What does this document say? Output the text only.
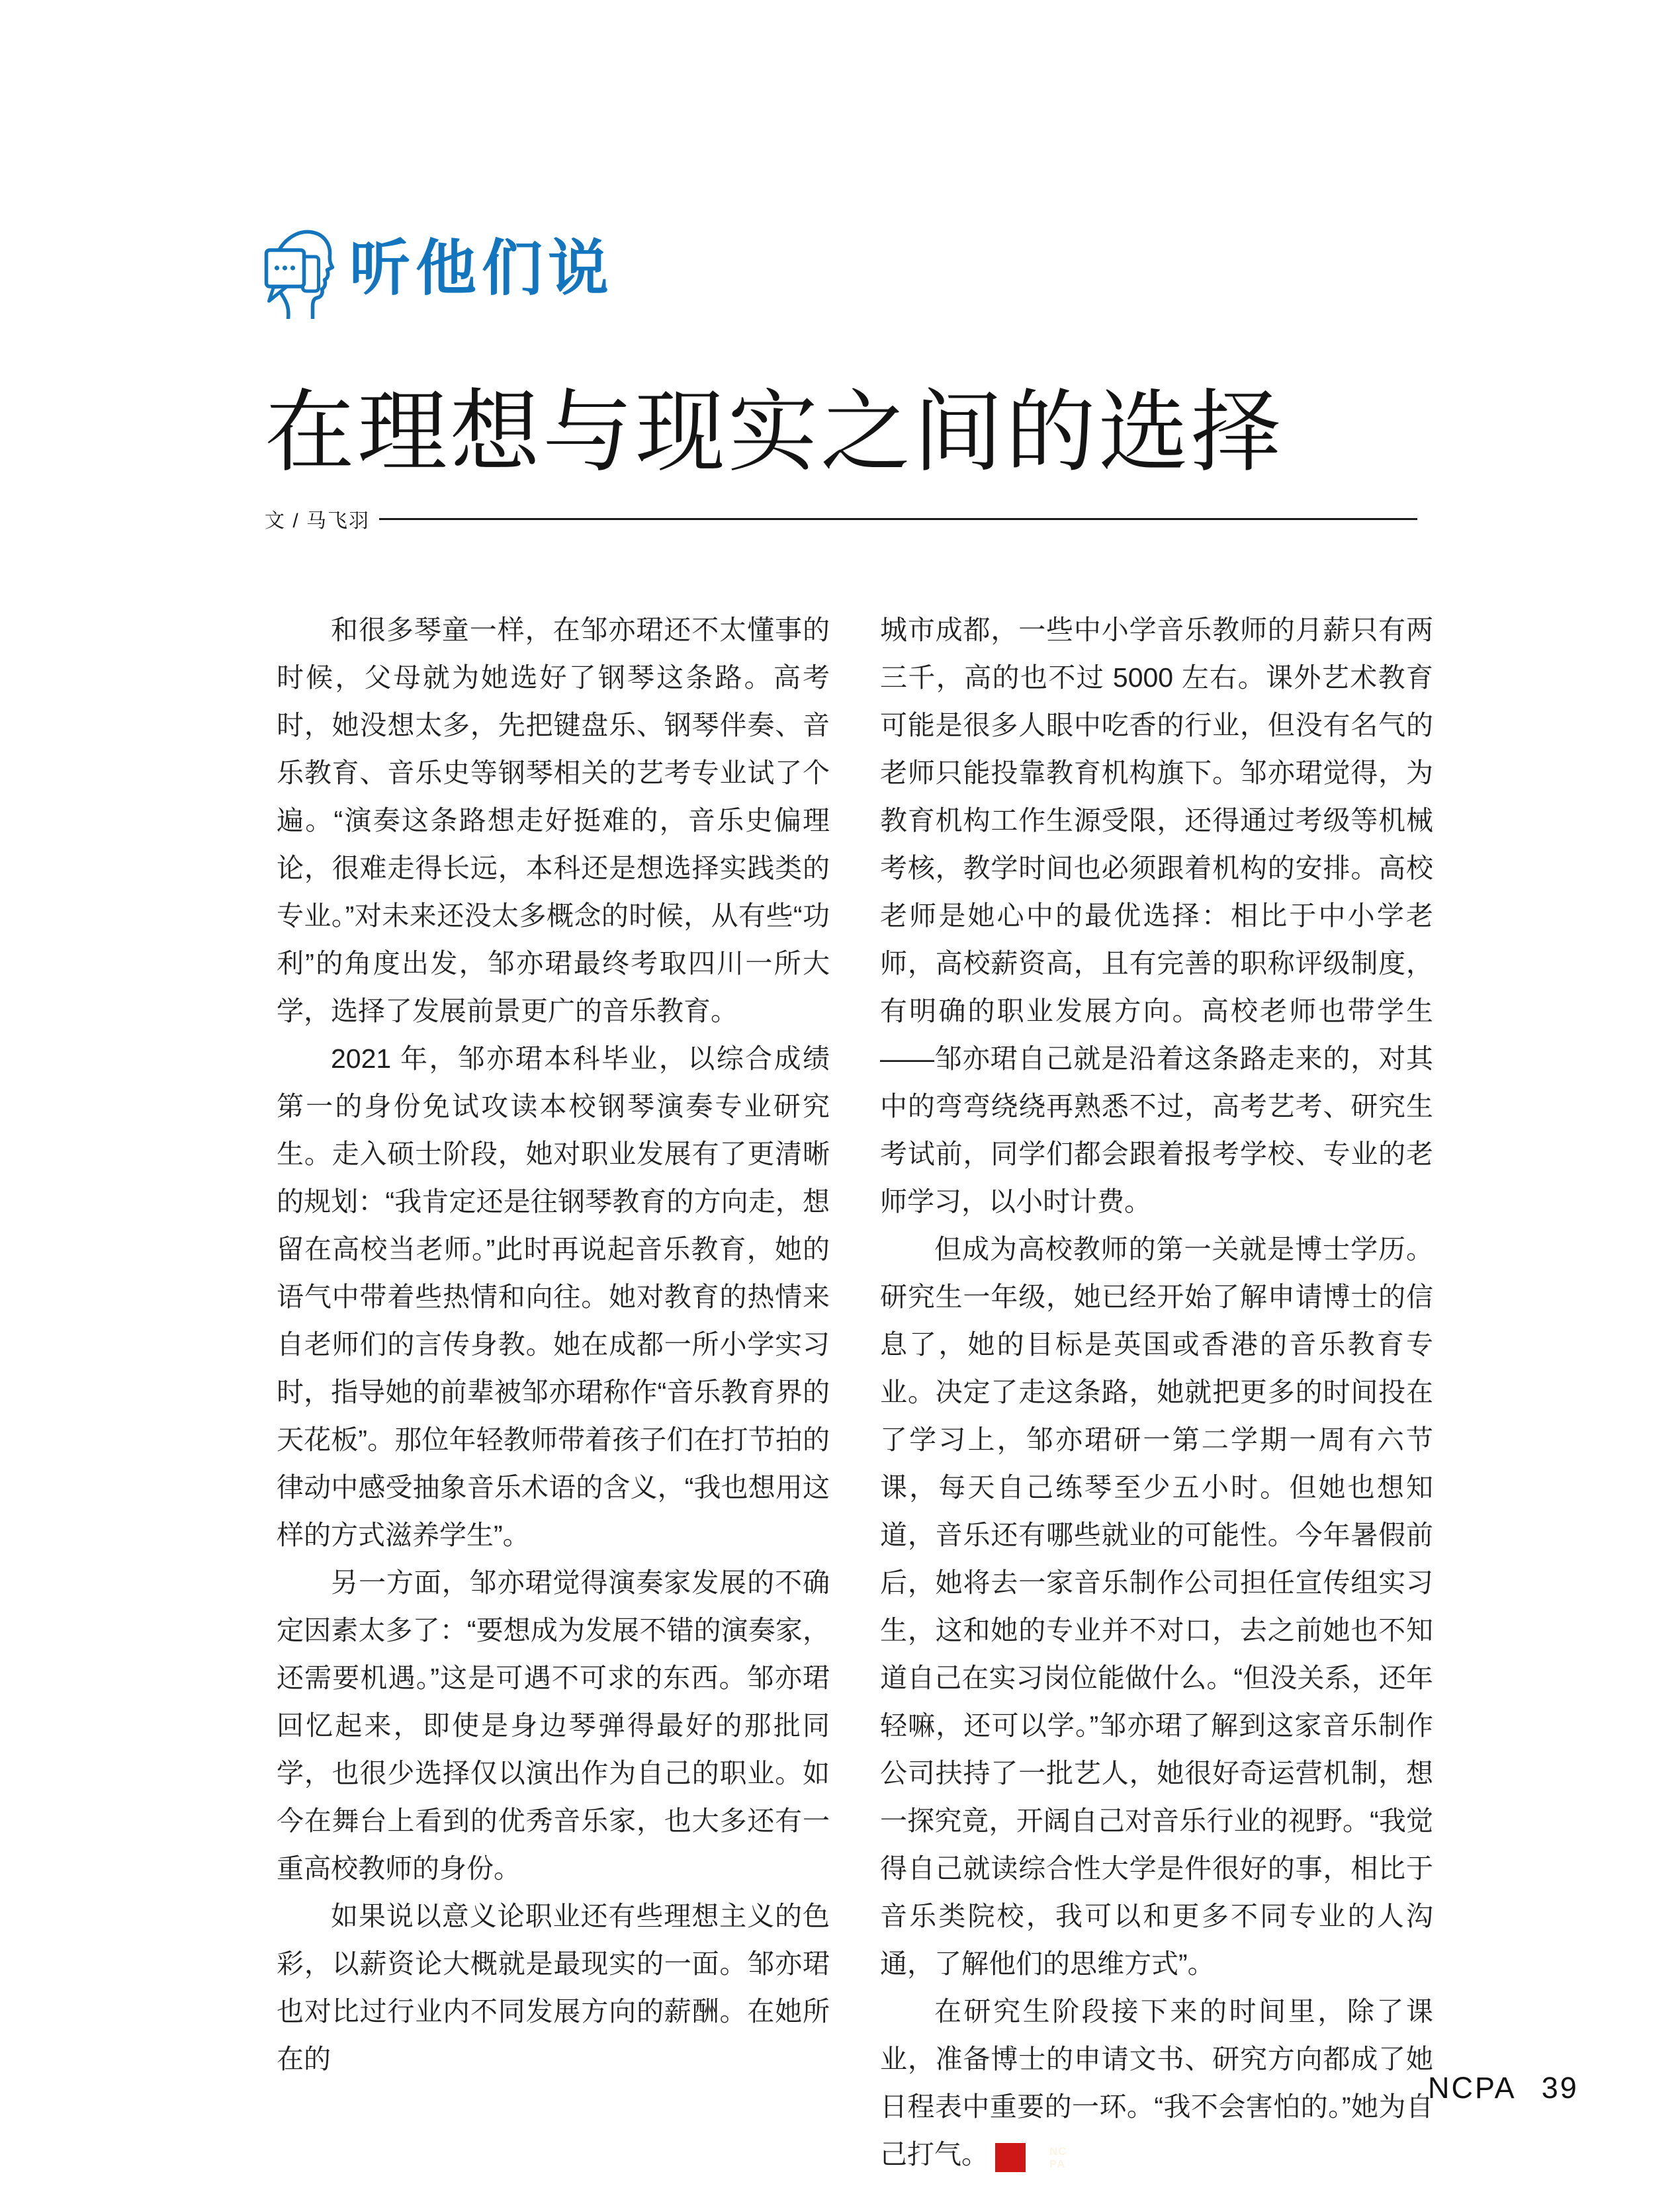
听他们说
在理想与现实之间的选择
文 / 马飞羽

和很多琴童一样，在邹亦珺还不太懂事的时候，父母就为她选好了钢琴这条路。高考时，她没想太多，先把键盘乐、钢琴伴奏、音乐教育、音乐史等钢琴相关的艺考专业试了个遍。“演奏这条路想走好挺难的，音乐史偏理论，很难走得长远，本科还是想选择实践类的专业。”对未来还没太多概念的时候，从有些“功利”的角度出发，邹亦珺最终考取四川一所大学，选择了发展前景更广的音乐教育。

2021 年，邹亦珺本科毕业，以综合成绩第一的身份免试攻读本校钢琴演奏专业研究生。走入硕士阶段，她对职业发展有了更清晰的规划：“我肯定还是往钢琴教育的方向走，想留在高校当老师。”此时再说起音乐教育，她的语气中带着些热情和向往。她对教育的热情来自老师们的言传身教。她在成都一所小学实习时，指导她的前辈被邹亦珺称作“音乐教育界的天花板”。那位年轻教师带着孩子们在打节拍的律动中感受抽象音乐术语的含义，“我也想用这样的方式滋养学生”。

另一方面，邹亦珺觉得演奏家发展的不确定因素太多了：“要想成为发展不错的演奏家，还需要机遇。”这是可遇不可求的东西。邹亦珺回忆起来，即使是身边琴弹得最好的那批同学，也很少选择仅以演出作为自己的职业。如今在舞台上看到的优秀音乐家，也大多还有一重高校教师的身份。

如果说以意义论职业还有些理想主义的色彩，以薪资论大概就是最现实的一面。邹亦珺也对比过行业内不同发展方向的薪酬。在她所在的

城市成都，一些中小学音乐教师的月薪只有两三千，高的也不过 5000 左右。课外艺术教育可能是很多人眼中吃香的行业，但没有名气的老师只能投靠教育机构旗下。邹亦珺觉得，为教育机构工作生源受限，还得通过考级等机械考核，教学时间也必须跟着机构的安排。高校老师是她心中的最优选择：相比于中小学老师，高校薪资高，且有完善的职称评级制度，有明确的职业发展方向。高校老师也带学生——邹亦珺自己就是沿着这条路走来的，对其中的弯弯绕绕再熟悉不过，高考艺考、研究生考试前，同学们都会跟着报考学校、专业的老师学习，以小时计费。

但成为高校教师的第一关就是博士学历。研究生一年级，她已经开始了解申请博士的信息了，她的目标是英国或香港的音乐教育专业。决定了走这条路，她就把更多的时间投在了学习上，邹亦珺研一第二学期一周有六节课，每天自己练琴至少五小时。但她也想知道，音乐还有哪些就业的可能性。今年暑假前后，她将去一家音乐制作公司担任宣传组实习生，这和她的专业并不对口，去之前她也不知道自己在实习岗位能做什么。“但没关系，还年轻嘛，还可以学。”邹亦珺了解到这家音乐制作公司扶持了一批艺人，她很好奇运营机制，想一探究竟，开阔自己对音乐行业的视野。“我觉得自己就读综合性大学是件很好的事，相比于音乐类院校，我可以和更多不同专业的人沟通，了解他们的思维方式”。

在研究生阶段接下来的时间里，除了课业，准备博士的申请文书、研究方向都成了她日程表中重要的一环。“我不会害怕的。”她为自己打气。	NC
PA

NCPA 39
